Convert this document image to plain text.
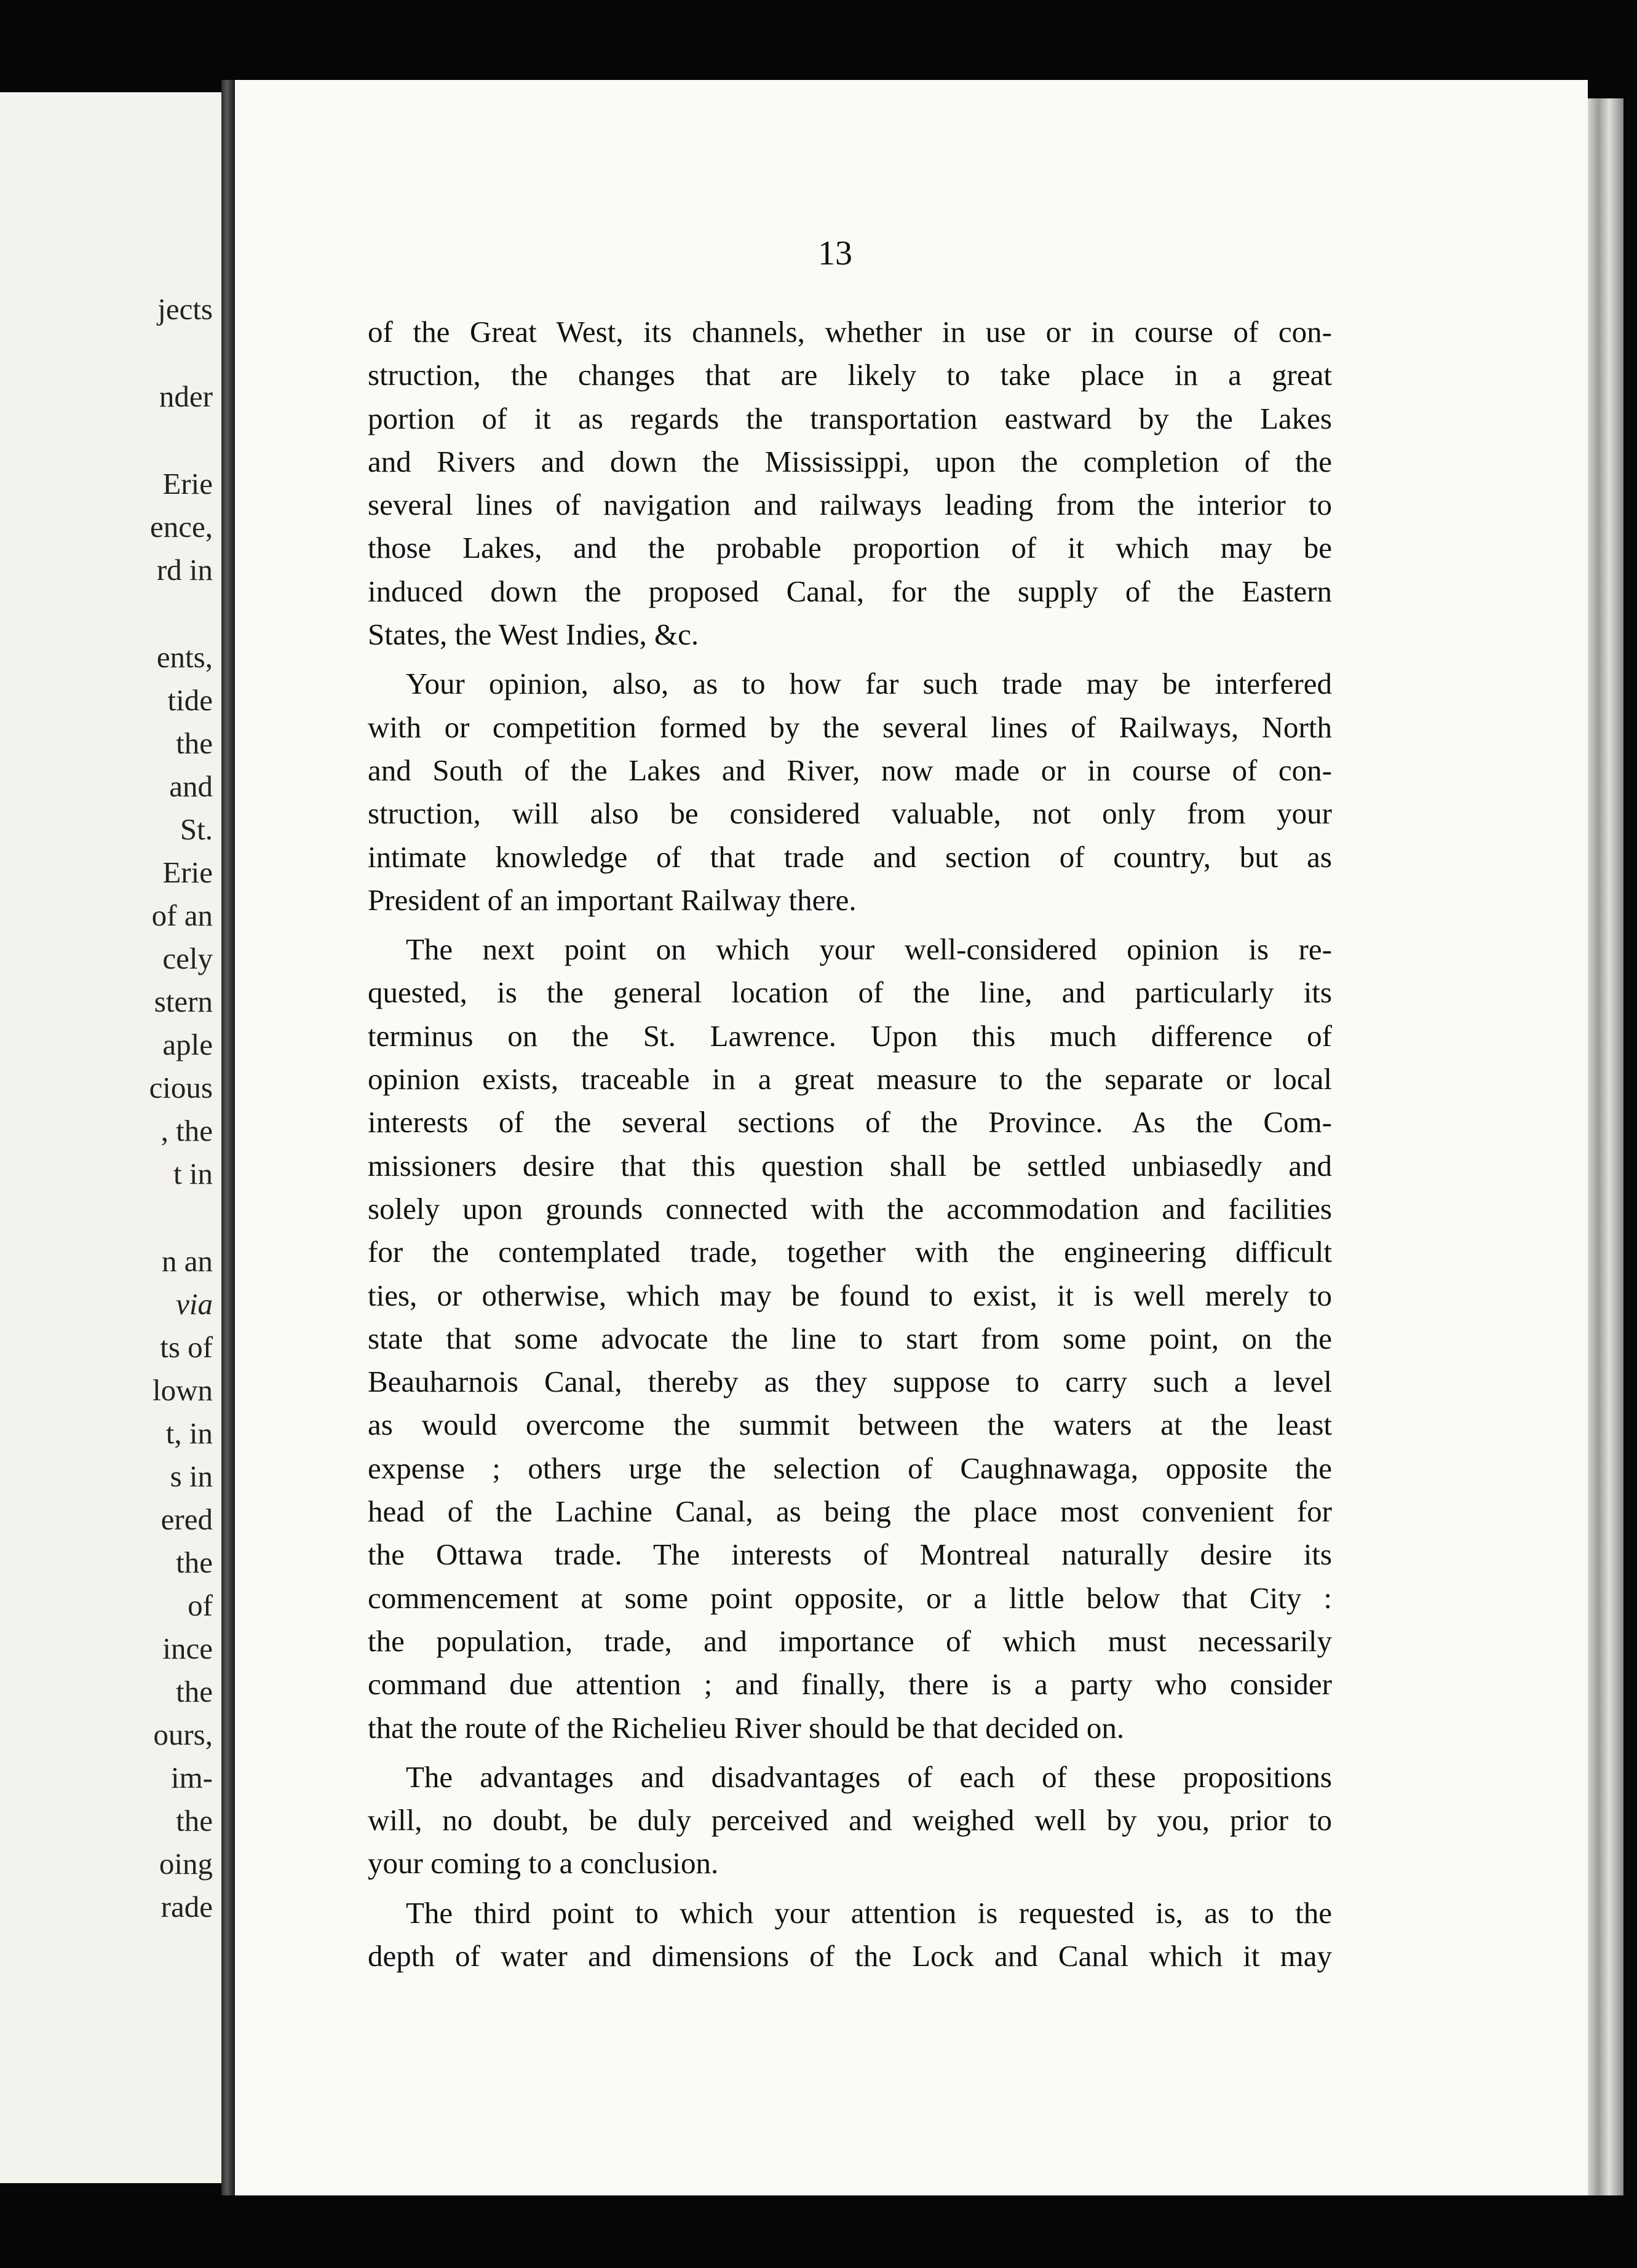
jects
nder
Erie
ence,
rd in
ents,
tide
the
and
St.
Erie
of an
cely
stern
aple
cious
, the
t in
n an
via
ts of
lown
t, in
s in
ered
the
of
ince
the
ours,
im-
the
oing
rade
13
of the Great West, its channels, whether in use or in course of con-
struction, the changes that are likely to take place in a great
portion of it as regards the transportation eastward by the Lakes
and Rivers and down the Mississippi, upon the completion of the
several lines of navigation and railways leading from the interior to
those Lakes, and the probable proportion of it which may be
induced down the proposed Canal, for the supply of the Eastern
States, the West Indies, &c.
Your opinion, also, as to how far such trade may be interfered
with or competition formed by the several lines of Railways, North
and South of the Lakes and River, now made or in course of con-
struction, will also be considered valuable, not only from your
intimate knowledge of that trade and section of country, but as
President of an important Railway there.
The next point on which your well-considered opinion is re-
quested, is the general location of the line, and particularly its
terminus on the St. Lawrence. Upon this much difference of
opinion exists, traceable in a great measure to the separate or local
interests of the several sections of the Province. As the Com-
missioners desire that this question shall be settled unbiasedly and
solely upon grounds connected with the accommodation and facilities
for the contemplated trade, together with the engineering difficult
ties, or otherwise, which may be found to exist, it is well merely to
state that some advocate the line to start from some point, on the
Beauharnois Canal, thereby as they suppose to carry such a level
as would overcome the summit between the waters at the least
expense ; others urge the selection of Caughnawaga, opposite the
head of the Lachine Canal, as being the place most convenient for
the Ottawa trade. The interests of Montreal naturally desire its
commencement at some point opposite, or a little below that City :
the population, trade, and importance of which must necessarily
command due attention ; and finally, there is a party who consider
that the route of the Richelieu River should be that decided on.
The advantages and disadvantages of each of these propositions
will, no doubt, be duly perceived and weighed well by you, prior to
your coming to a conclusion.
The third point to which your attention is requested is, as to the
depth of water and dimensions of the Lock and Canal which it may
